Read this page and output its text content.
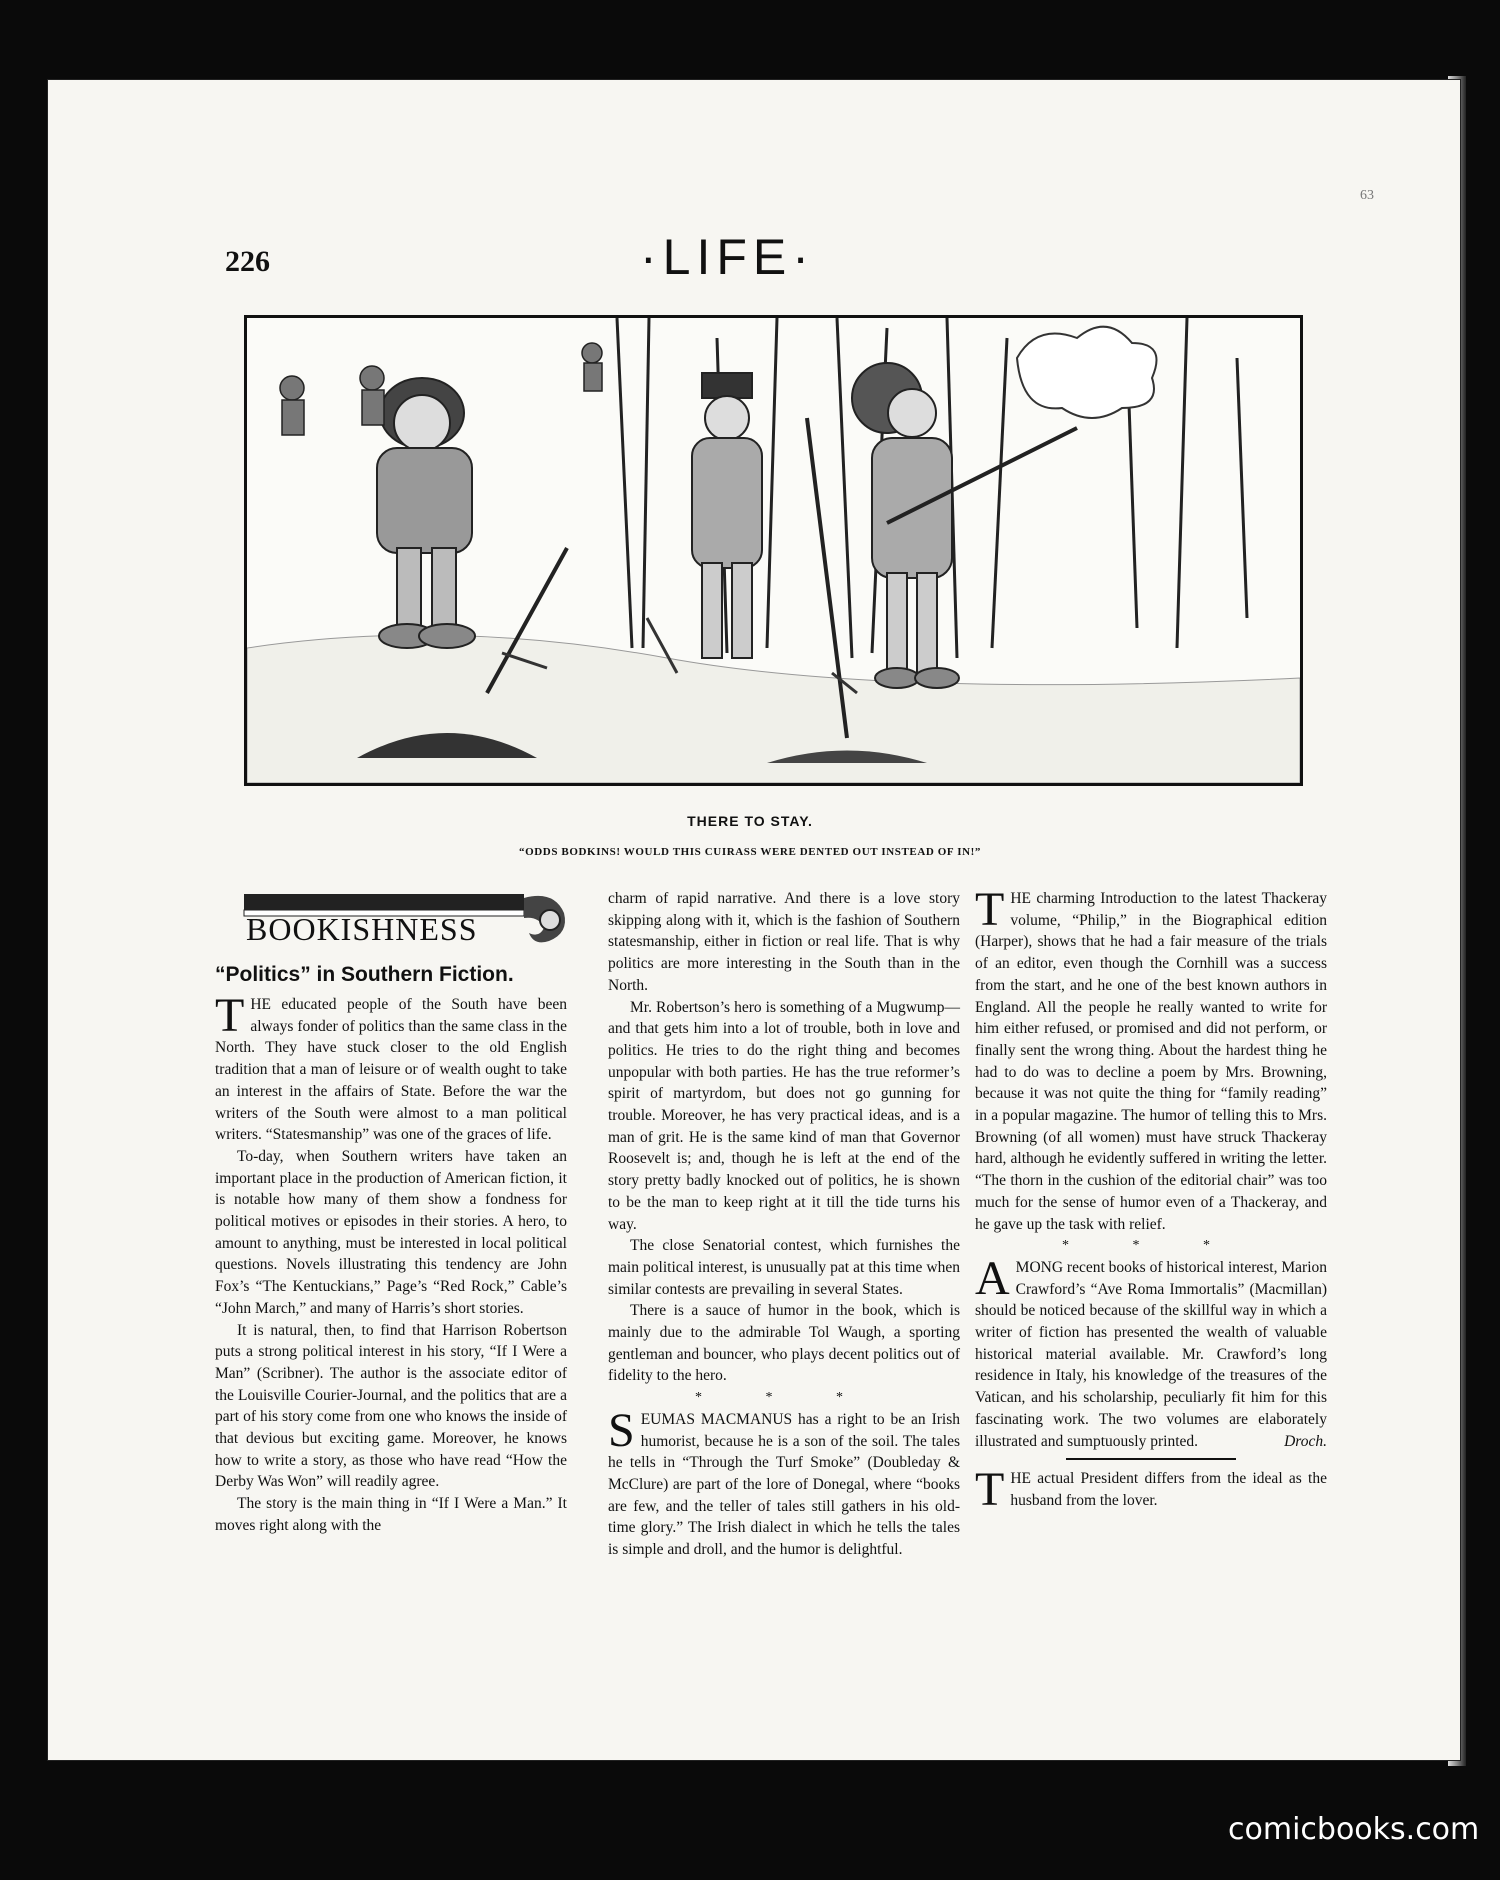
63
226	·LIFE·
THERE TO STAY.
“ODDS BODKINS! WOULD THIS CUIRASS WERE DENTED OUT INSTEAD OF IN!”
BOOKISHNESS
“Politics” in Southern Fiction.

THE educated people of the South have been always fonder of politics than the same class in the North. They have stuck closer to the old English tradition that a man of leisure or of wealth ought to take an interest in the affairs of State. Before the war the writers of the South were almost to a man political writers. “Statesmanship” was one of the graces of life.

To-day, when Southern writers have taken an important place in the production of American fiction, it is notable how many of them show a fondness for political motives or episodes in their stories. A hero, to amount to anything, must be interested in local political questions. Novels illustrating this tendency are John Fox’s “The Kentuckians,” Page’s “Red Rock,” Cable’s “John March,” and many of Harris’s short stories.

It is natural, then, to find that Harrison Robertson puts a strong political interest in his story, “If I Were a Man” (Scribner). The author is the associate editor of the Louisville Courier-Journal, and the politics that are a part of his story come from one who knows the inside of that devious but exciting game. Moreover, he knows how to write a story, as those who have read “How the Derby Was Won” will readily agree.

The story is the main thing in “If I Were a Man.” It moves right along with the

charm of rapid narrative. And there is a love story skipping along with it, which is the fashion of Southern statesmanship, either in fiction or real life. That is why politics are more interesting in the South than in the North.

Mr. Robertson’s hero is something of a Mugwump—and that gets him into a lot of trouble, both in love and politics. He tries to do the right thing and becomes unpopular with both parties. He has the true reformer’s spirit of martyrdom, but does not go gunning for trouble. Moreover, he has very practical ideas, and is a man of grit. He is the same kind of man that Governor Roosevelt is; and, though he is left at the end of the story pretty badly knocked out of politics, he is shown to be the man to keep right at it till the tide turns his way.

The close Senatorial contest, which furnishes the main political interest, is unusually pat at this time when similar contests are prevailing in several States.

There is a sauce of humor in the book, which is mainly due to the admirable Tol Waugh, a sporting gentleman and bouncer, who plays decent politics out of fidelity to the hero.

* * *

SEUMAS MACMANUS has a right to be an Irish humorist, because he is a son of the soil. The tales he tells in “Through the Turf Smoke” (Doubleday & McClure) are part of the lore of Donegal, where “books are few, and the teller of tales still gathers in his old-time glory.” The Irish dialect in which he tells the tales is simple and droll, and the humor is delightful.

THE charming Introduction to the latest Thackeray volume, “Philip,” in the Biographical edition (Harper), shows that he had a fair measure of the trials of an editor, even though the Cornhill was a success from the start, and he one of the best known authors in England. All the people he really wanted to write for him either refused, or promised and did not perform, or finally sent the wrong thing. About the hardest thing he had to do was to decline a poem by Mrs. Browning, because it was not quite the thing for “family reading” in a popular magazine. The humor of telling this to Mrs. Browning (of all women) must have struck Thackeray hard, although he evidently suffered in writing the letter. “The thorn in the cushion of the editorial chair” was too much for the sense of humor even of a Thackeray, and he gave up the task with relief.

* * *

AMONG recent books of historical interest, Marion Crawford’s “Ave Roma Immortalis” (Macmillan) should be noticed because of the skillful way in which a writer of fiction has presented the wealth of valuable historical material available. Mr. Crawford’s long residence in Italy, his knowledge of the treasures of the Vatican, and his scholarship, peculiarly fit him for this fascinating work. The two volumes are elaborately illustrated and sumptuously printed.	Droch.

THE actual President differs from the ideal as the husband from the lover.

comicbooks.com
